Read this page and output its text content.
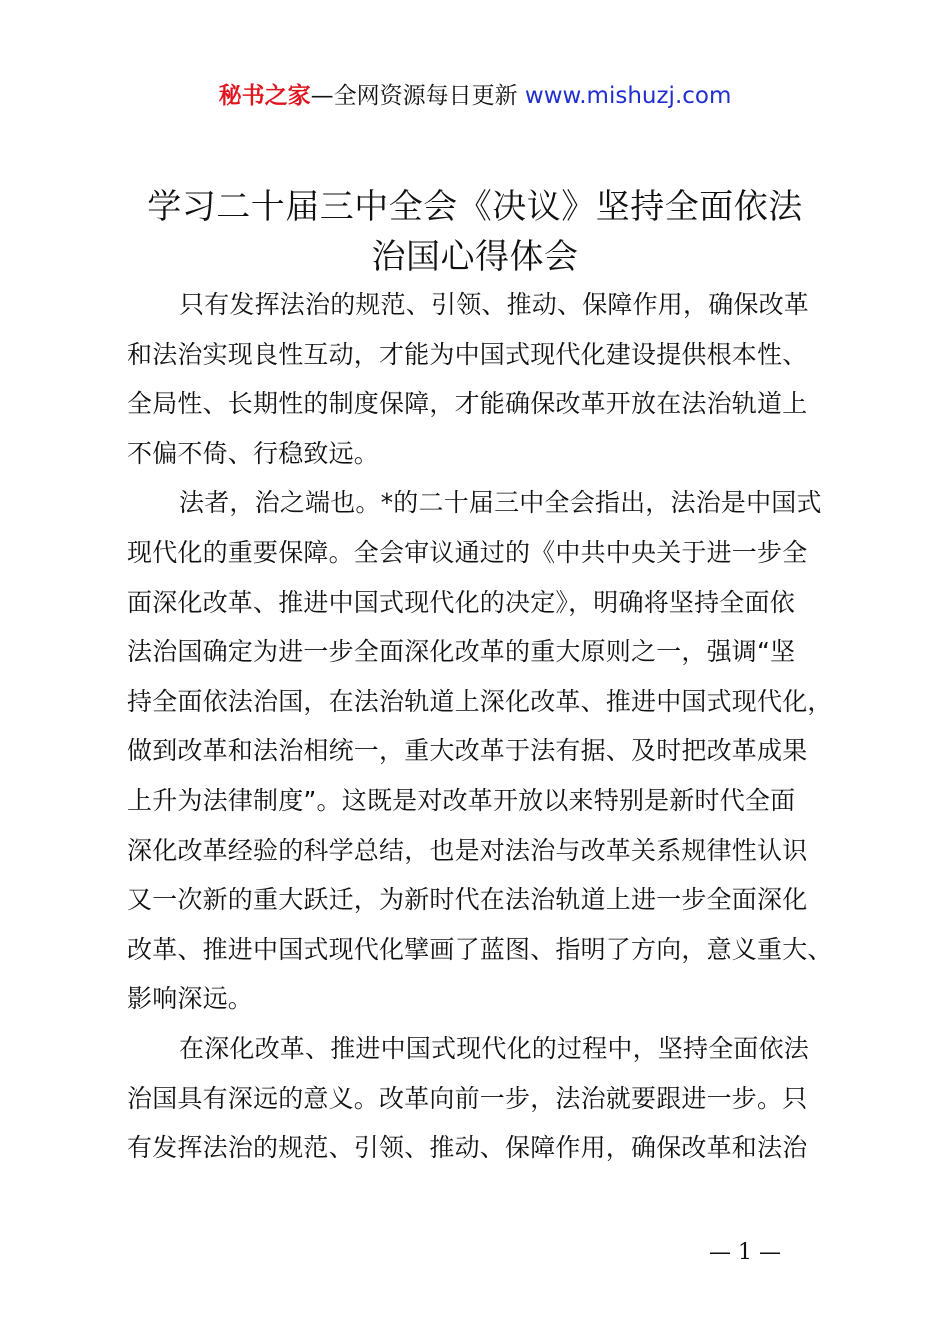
秘书之家—全网资源每日更新 www.mishuzj.com
学习二十届三中全会《决议》坚持全面依法
治国心得体会
只有发挥法治的规范、引领、推动、保障作用，确保改革
和法治实现良性互动，才能为中国式现代化建设提供根本性、
全局性、长期性的制度保障，才能确保改革开放在法治轨道上
不偏不倚、行稳致远。
法者，治之端也。*的二十届三中全会指出，法治是中国式
现代化的重要保障。全会审议通过的《中共中央关于进一步全
面深化改革、推进中国式现代化的决定》，明确将坚持全面依
法治国确定为进一步全面深化改革的重大原则之一，强调“坚
持全面依法治国，在法治轨道上深化改革、推进中国式现代化，
做到改革和法治相统一，重大改革于法有据、及时把改革成果
上升为法律制度”。这既是对改革开放以来特别是新时代全面
深化改革经验的科学总结，也是对法治与改革关系规律性认识
又一次新的重大跃迁，为新时代在法治轨道上进一步全面深化
改革、推进中国式现代化擘画了蓝图、指明了方向，意义重大、
影响深远。
在深化改革、推进中国式现代化的过程中，坚持全面依法
治国具有深远的意义。改革向前一步，法治就要跟进一步。只
有发挥法治的规范、引领、推动、保障作用，确保改革和法治
— 1 —
